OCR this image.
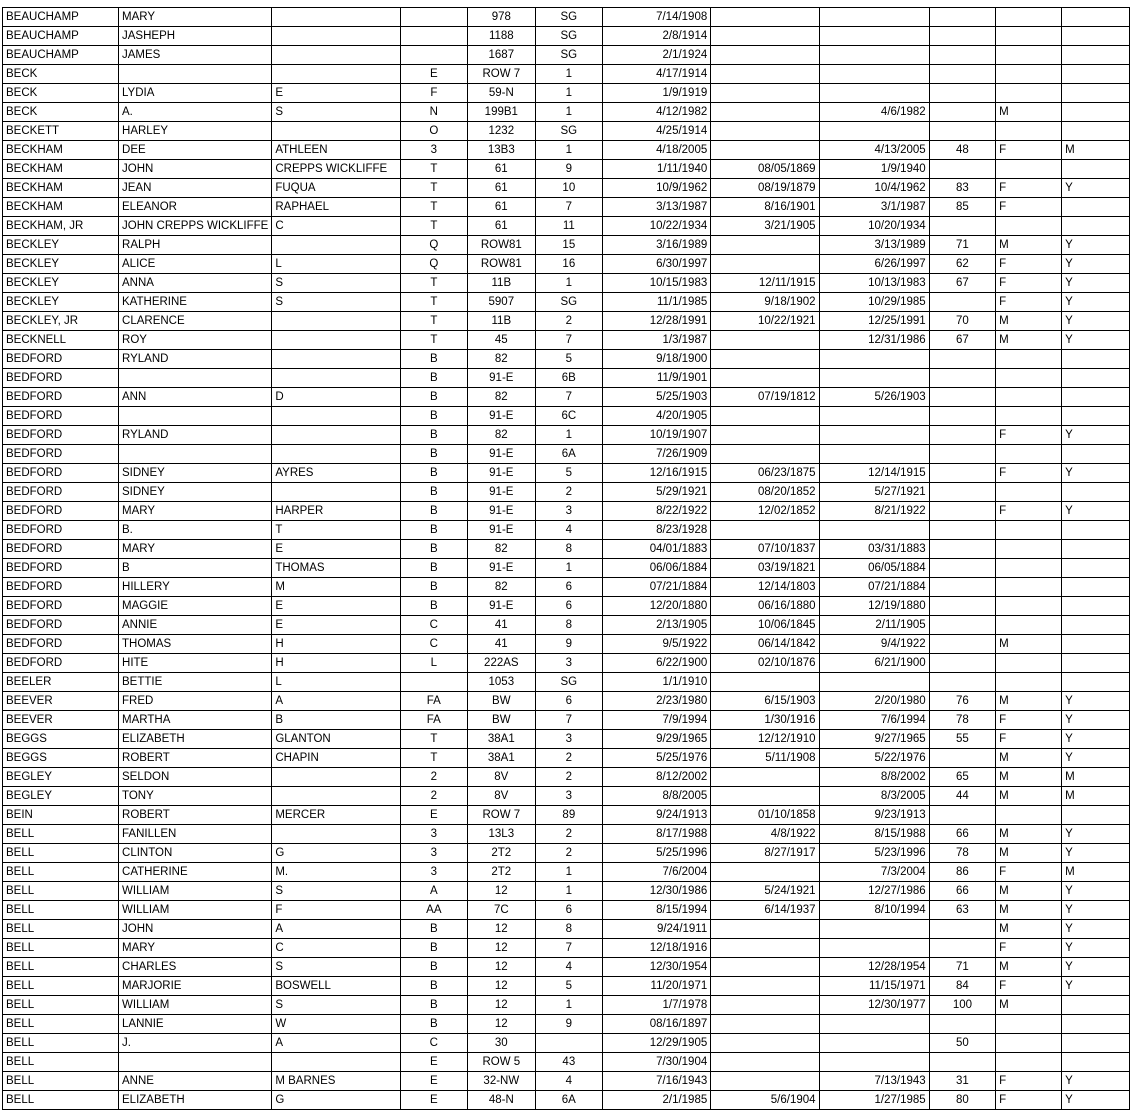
BEAUCHAMP	MARY			978	SG	7/14/1908					
BEAUCHAMP	JASHEPH			1188	SG	2/8/1914					
BEAUCHAMP	JAMES			1687	SG	2/1/1924					
BECK			E	ROW 7	1	4/17/1914					
BECK	LYDIA	E	F	59-N	1	1/9/1919					
BECK	A.	S	N	199B1	1	4/12/1982		4/6/1982		M	
BECKETT	HARLEY		O	1232	SG	4/25/1914					
BECKHAM	DEE	ATHLEEN	3	13B3	1	4/18/2005		4/13/2005	48	F	M
BECKHAM	JOHN	CREPPS WICKLIFFE	T	61	9	1/11/1940	08/05/1869	1/9/1940			
BECKHAM	JEAN	FUQUA	T	61	10	10/9/1962	08/19/1879	10/4/1962	83	F	Y
BECKHAM	ELEANOR	RAPHAEL	T	61	7	3/13/1987	8/16/1901	3/1/1987	85	F	
BECKHAM, JR	JOHN CREPPS WICKLIFFE	C	T	61	11	10/22/1934	3/21/1905	10/20/1934			
BECKLEY	RALPH		Q	ROW81	15	3/16/1989		3/13/1989	71	M	Y
BECKLEY	ALICE	L	Q	ROW81	16	6/30/1997		6/26/1997	62	F	Y
BECKLEY	ANNA	S	T	11B	1	10/15/1983	12/11/1915	10/13/1983	67	F	Y
BECKLEY	KATHERINE	S	T	5907	SG	11/1/1985	9/18/1902	10/29/1985		F	Y
BECKLEY, JR	CLARENCE		T	11B	2	12/28/1991	10/22/1921	12/25/1991	70	M	Y
BECKNELL	ROY		T	45	7	1/3/1987		12/31/1986	67	M	Y
BEDFORD	RYLAND		B	82	5	9/18/1900					
BEDFORD			B	91-E	6B	11/9/1901					
BEDFORD	ANN	D	B	82	7	5/25/1903	07/19/1812	5/26/1903			
BEDFORD			B	91-E	6C	4/20/1905					
BEDFORD	RYLAND		B	82	1	10/19/1907				F	Y
BEDFORD			B	91-E	6A	7/26/1909					
BEDFORD	SIDNEY	AYRES	B	91-E	5	12/16/1915	06/23/1875	12/14/1915		F	Y
BEDFORD	SIDNEY		B	91-E	2	5/29/1921	08/20/1852	5/27/1921			
BEDFORD	MARY	HARPER	B	91-E	3	8/22/1922	12/02/1852	8/21/1922		F	Y
BEDFORD	B.	T	B	91-E	4	8/23/1928					
BEDFORD	MARY	E	B	82	8	04/01/1883	07/10/1837	03/31/1883			
BEDFORD	B	THOMAS	B	91-E	1	06/06/1884	03/19/1821	06/05/1884			
BEDFORD	HILLERY	M	B	82	6	07/21/1884	12/14/1803	07/21/1884			
BEDFORD	MAGGIE	E	B	91-E	6	12/20/1880	06/16/1880	12/19/1880			
BEDFORD	ANNIE	E	C	41	8	2/13/1905	10/06/1845	2/11/1905			
BEDFORD	THOMAS	H	C	41	9	9/5/1922	06/14/1842	9/4/1922		M	
BEDFORD	HITE	H	L	222AS	3	6/22/1900	02/10/1876	6/21/1900			
BEELER	BETTIE	L		1053	SG	1/1/1910					
BEEVER	FRED	A	FA	BW	6	2/23/1980	6/15/1903	2/20/1980	76	M	Y
BEEVER	MARTHA	B	FA	BW	7	7/9/1994	1/30/1916	7/6/1994	78	F	Y
BEGGS	ELIZABETH	GLANTON	T	38A1	3	9/29/1965	12/12/1910	9/27/1965	55	F	Y
BEGGS	ROBERT	CHAPIN	T	38A1	2	5/25/1976	5/11/1908	5/22/1976		M	Y
BEGLEY	SELDON		2	8V	2	8/12/2002		8/8/2002	65	M	M
BEGLEY	TONY		2	8V	3	8/8/2005		8/3/2005	44	M	M
BEIN	ROBERT	MERCER	E	ROW 7	89	9/24/1913	01/10/1858	9/23/1913			
BELL	FANILLEN		3	13L3	2	8/17/1988	4/8/1922	8/15/1988	66	M	Y
BELL	CLINTON	G	3	2T2	2	5/25/1996	8/27/1917	5/23/1996	78	M	Y
BELL	CATHERINE	M.	3	2T2	1	7/6/2004		7/3/2004	86	F	M
BELL	WILLIAM	S	A	12	1	12/30/1986	5/24/1921	12/27/1986	66	M	Y
BELL	WILLIAM	F	AA	7C	6	8/15/1994	6/14/1937	8/10/1994	63	M	Y
BELL	JOHN	A	B	12	8	9/24/1911				M	Y
BELL	MARY	C	B	12	7	12/18/1916				F	Y
BELL	CHARLES	S	B	12	4	12/30/1954		12/28/1954	71	M	Y
BELL	MARJORIE	BOSWELL	B	12	5	11/20/1971		11/15/1971	84	F	Y
BELL	WILLIAM	S	B	12	1	1/7/1978		12/30/1977	100	M	
BELL	LANNIE	W	B	12	9	08/16/1897					
BELL	J.	A	C	30		12/29/1905			50		
BELL			E	ROW 5	43	7/30/1904					
BELL	ANNE	M BARNES	E	32-NW	4	7/16/1943		7/13/1943	31	F	Y
BELL	ELIZABETH	G	E	48-N	6A	2/1/1985	5/6/1904	1/27/1985	80	F	Y
